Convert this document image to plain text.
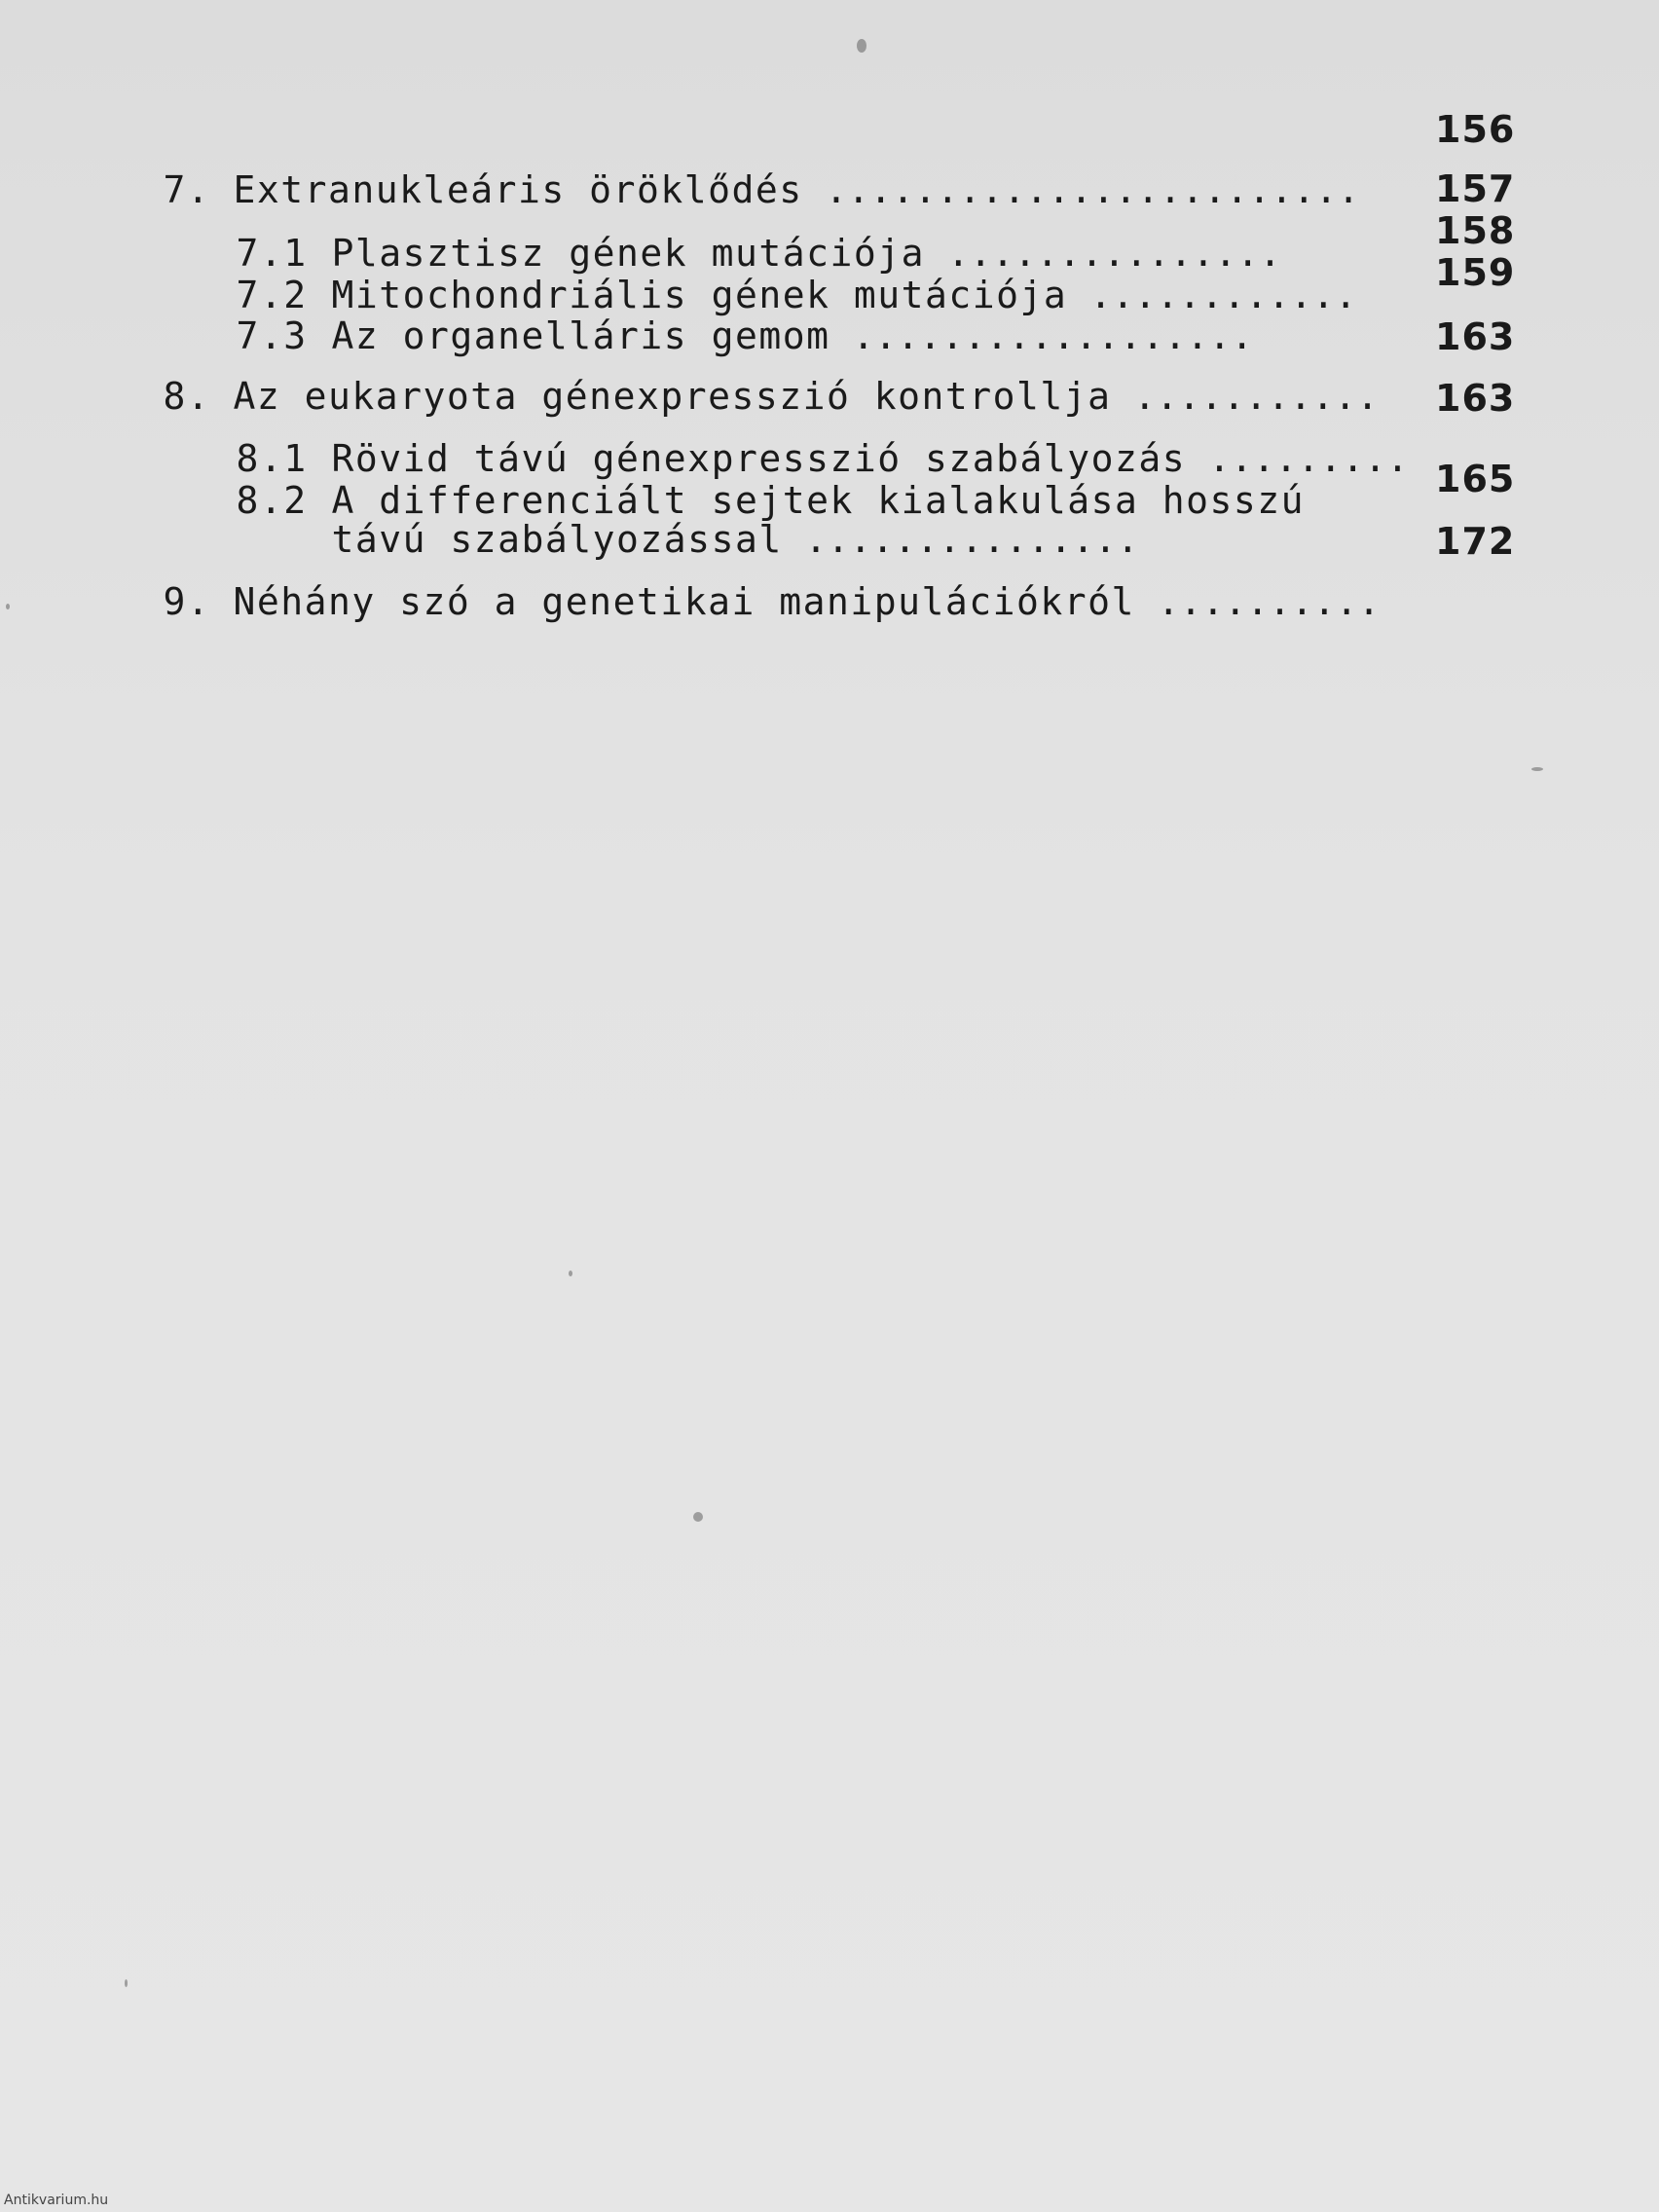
7. Extranukleáris öröklődés ........................

156

7.1 Plasztisz gének mutációja ...............

157

7.2 Mitochondriális gének mutációja ............

158

7.3 Az organelláris gemom ..................

159

8. Az eukaryota génexpresszió kontrollja ...........

163

8.1 Rövid távú génexpresszió szabályozás .........

163

8.2 A differenciált sejtek kialakulása hosszú

távú szabályozással ...............

165

9. Néhány szó a genetikai manipulációkról ..........

172
Antikvarium.hu
